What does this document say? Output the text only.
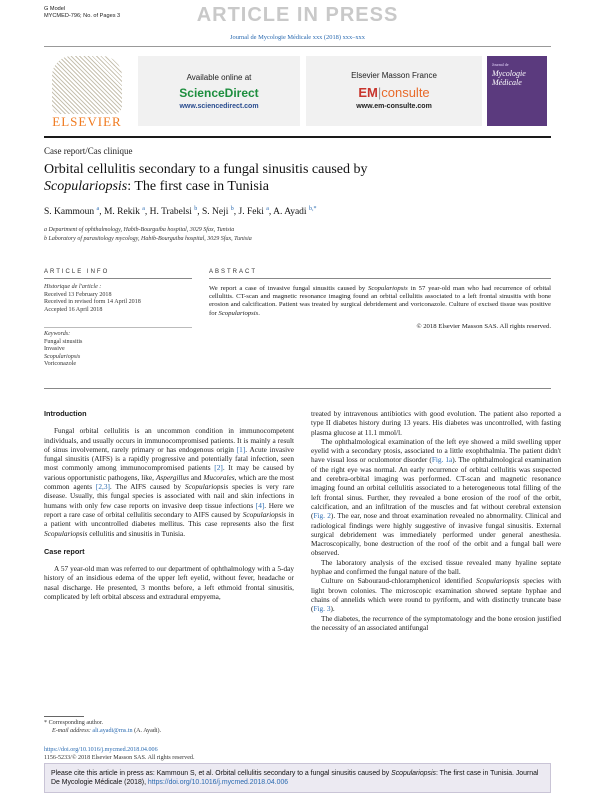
G Model
MYCMED-796; No. of Pages 3	ARTICLE IN PRESS
Journal de Mycologie Médicale xxx (2018) xxx–xxx
ELSEVIER
Available online at
ScienceDirect
www.sciencedirect.com
Elsevier Masson France
EM|consulte
www.em-consulte.com
Journal de
Mycologie Médicale
Case report/Cas clinique
Orbital cellulitis secondary to a fungal sinusitis caused by
Scopulariopsis: The first case in Tunisia
S. Kammoun $^a$, M. Rekik $^a$, H. Trabelsi $^b$, S. Neji $^b$, J. Feki $^a$, A. Ayadi $^{b,*}$
a Department of ophthalmology, Habib-Bourguiba hospital, 3029 Sfax, Tunisia
b Laboratory of parasitology mycology, Habib-Bourguiba hospital, 3029 Sfax, Tunisia
ARTICLE INFO	ABSTRACT
Historique de l'article :
Received 13 February 2018
Received in revised form 14 April 2018
Accepted 16 April 2018
Keywords:
Fungal sinusitis
Invasive
Scopulariopsis
Voriconazole
We report a case of invasive fungal sinusitis caused by Scopulariopsis in 57 year-old man who had recurrence of orbital cellulitis. CT-scan and magnetic resonance imaging found an orbital cellulitis associated to a left frontal sinusitis with bone erosion and calcification. Patient was treated by surgical debridement and voriconazole. Culture of excised tissue was positive for Scopulariopsis.
© 2018 Elsevier Masson SAS. All rights reserved.
Introduction

Fungal orbital cellulitis is an uncommon condition in immunocompetent individuals, and usually occurs in immunocompromised patients. It is mainly a result of sinus involvement, rarely primary or has endogenous origin [1]. Acute invasive fungal sinusitis (AIFS) is a rapidly progressive and potentially fatal infection, seen most commonly among immunocompromised patients [2]. It may be caused by various opportunistic pathogens, like, Aspergillus and Mucorales, which are the most common agents [2,3]. The AIFS caused by Scopulariopsis species is very rare disease. Usually, this fungal species is associated with nail and skin infections in humans with only few case reports on invasive deep tissue infections [4]. Here we report a rare case of orbital cellulitis secondary to AIFS caused by Scopulariopsis in a patient with uncontrolled diabetes mellitus. This case represents also the first Scopulariopsis cellulitis and sinusitis in Tunisia.

Case report

A 57 year-old man was referred to our department of ophthalmology with a 5-day history of an insidious edema of the upper left eyelid, without fever, headache or nasal discharge. He presented, 3 months before, a left ethmoid frontal sinusitis, complicated by left orbital abscess and extradural empyema,

treated by intravenous antibiotics with good evolution. The patient also reported a type II diabetes history during 13 years. His diabetes was uncontrolled, with fasting plasma glucose at 11.1 mmol/l.

The ophthalmological examination of the left eye showed a mild swelling upper eyelid with a secondary ptosis, associated to a little exophthalmia. The patient didn't have visual loss or oculomotor disorder (Fig. 1a). The ophthalmological examination of the right eye was normal. An early recurrence of orbital cellulitis was suspected and cerebra-orbital imaging was performed. CT-scan and magnetic resonance imaging found an orbital cellulitis associated to a heterogeneous total filling of the left frontal sinus. Further, they revealed a bone erosion of the roof of the orbit, calcification, and an infiltration of the muscles and fat without cerebral extension (Fig. 2). The ear, nose and throat examination revealed no abnormality. Clinical and radiological findings were highly suggestive of invasive fungal sinusitis. External surgical debridement was immediately performed under general anesthesia. Macroscopically, bone destruction of the roof of the orbit and a fungal ball were observed.

The laboratory analysis of the excised tissue revealed many hyaline septate hyphae and confirmed the fungal nature of the ball.

Culture on Sabouraud-chloramphenicol identified Scopulariopsis species with light brown colonies. The microscopic examination showed septate hyphae and chains of annelids which were round to pyriform, and with distinctly truncate base (Fig. 3).

The diabetes, the recurrence of the symptomatology and the bone erosion justified the necessity of an associated antifungal

* Corresponding author.
E-mail address: ali.ayadi@rns.tn (A. Ayadi).
https://doi.org/10.1016/j.mycmed.2018.04.006
1156-5233/© 2018 Elsevier Masson SAS. All rights reserved.
Please cite this article in press as: Kammoun S, et al. Orbital cellulitis secondary to a fungal sinusitis caused by Scopulariopsis: The first case in Tunisia. Journal De Mycologie Médicale (2018), https://doi.org/10.1016/j.mycmed.2018.04.006
